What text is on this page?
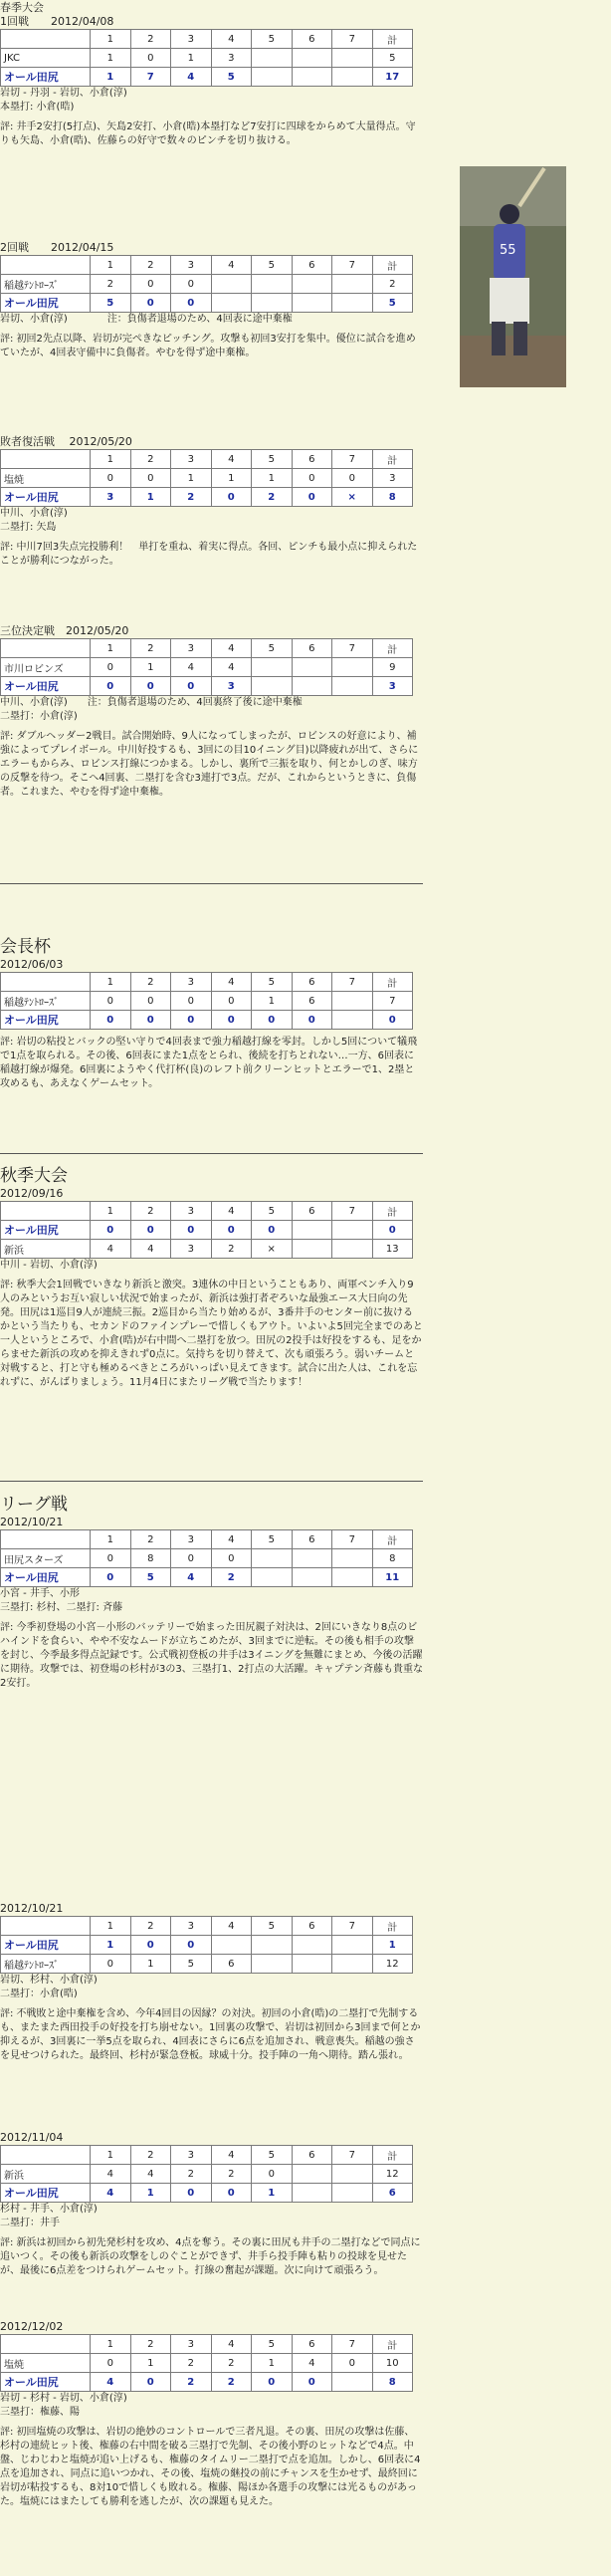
春季大会
1回戦　　2012/04/08
	1	2	3	4	5	6	7	計
JKC	1	0	1	3				5
オール田尻	1	7	4	5				17
岩切 - 丹羽 - 岩切、小倉(淳)
本塁打: 小倉(晧)
評: 井手2安打(5打点)、矢島2安打、小倉(晧)本塁打など7安打に四球をからめて大量得点。守りも矢島、小倉(晧)、佐藤らの好守で数々のピンチを切り抜ける。
2回戦　　2012/04/15
	1	2	3	4	5	6	7	計
稲越ﾃﾝﾄﾛｰｽﾞ	2	0	0					2
オール田尻	5	0	0					5
岩切、小倉(淳)　　　　注：負傷者退場のため、4回表に途中棄権
評: 初回2先点以降、岩切が完ぺきなピッチング。攻撃も初回3安打を集中。優位に試合を進めていたが、4回表守備中に負傷者。やむを得ず途中棄権。
敗者復活戦　 2012/05/20
	1	2	3	4	5	6	7	計
塩焼	0	0	1	1	1	0	0	3
オール田尻	3	1	2	0	2	0	×	8
中川、小倉(淳)
二塁打: 矢島
評: 中川7回3失点完投勝利！　単打を重ね、着実に得点。各回、ピンチも最小点に抑えられたことが勝利につながった。
三位決定戦　2012/05/20
	1	2	3	4	5	6	7	計
市川ロビンズ	0	1	4	4				9
オール田尻	0	0	0	3				3
中川、小倉(淳)　　注：負傷者退場のため、4回裏終了後に途中棄権
二塁打：小倉(淳)
評: ダブルヘッダー2戦目。試合開始時、9人になってしまったが、ロビンスの好意により、補強によってプレイボール。中川好投するも、3回にの目10イニング目)以降疲れが出て、さらにエラーもからみ、ロビンス打線につかまる。しかし、裏所で三振を取り、何とかしのぎ、味方の反撃を待つ。そこへ4回裏、二塁打を含む3連打で3点。だが、これからというときに、負傷者。これまた、やむを得ず途中棄権。
会長杯
2012/06/03
	1	2	3	4	5	6	7	計
稲越ﾃﾝﾄﾛｰｽﾞ	0	0	0	0	1	6		7
オール田尻	0	0	0	0	0	0		0
評: 岩切の粘投とバックの堅い守りで4回表まで強力稲越打線を零封。しかし5回について犠飛で1点を取られる。その後、6回表にまた1点をとられ、後続を打ちとれない…一方、6回表に稲越打線が爆発。6回裏にようやく代打杯(良)のレフト前クリーンヒットとエラーで1、2塁と攻めるも、あえなくゲームセット。
秋季大会
2012/09/16
	1	2	3	4	5	6	7	計
オール田尻	0	0	0	0	0			0
新浜	4	4	3	2	×			13
中川 - 岩切、小倉(淳)
評: 秋季大会1回戦でいきなり新浜と激突。3連休の中日ということもあり、両軍ベンチ入り9人のみというお互い寂しい状況で始まったが、新浜は強打者ぞろいな最強エース大日向の先発。田尻は1巡目9人が連続三振。2巡目から当たり始めるが、3番井手のセンター前に抜けるかという当たりも、セカンドのファインプレーで惜しくもアウト。いよいよ5回完全までのあと一人というところで、小倉(晧)が右中間へ二塁打を放つ。田尻の2投手は好投をするも、足をからませた新浜の攻めを抑えきれず0点に。気持ちを切り替えて、次も頑張ろう。弱いチームと対戦すると、打と守も極めるべきところがいっぱい見えてきます。試合に出た人は、これを忘れずに、がんばりましょう。11月4日にまたリーグ戦で当たります！
リーグ戦
2012/10/21
	1	2	3	4	5	6	7	計
田尻スターズ	0	8	0	0				8
オール田尻	0	5	4	2				11
小宮 - 井手、小形
三塁打: 杉村、二塁打: 斉藤
評: 今季初登場の小宮－小形のバッテリーで始まった田尻親子対決は、2回にいきなり8点のビハインドを食らい、やや不安なムードが立ちこめたが、3回までに逆転。その後も相手の攻撃を封じ、今季最多得点記録です。公式戦初登板の井手は3イニングを無難にまとめ、今後の活躍に期待。攻撃では、初登場の杉村が3の3、三塁打1、2打点の大活躍。キャプテン斉藤も貴重な2安打。
2012/10/21
	1	2	3	4	5	6	7	計
オール田尻	1	0	0					1
稲越ﾃﾝﾄﾛｰｽﾞ	0	1	5	6				12
岩切、杉村、小倉(淳)
二塁打：小倉(晧)
評: 不戦敗と途中棄権を含め、今年4回目の因縁？の対決。初回の小倉(晧)の二塁打で先制するも、またまた西田投手の好投を打ち崩せない。1回裏の攻撃で、岩切は初回から3回まで何とか抑えるが、3回裏に一挙5点を取られ、4回表にさらに6点を追加され、戦意喪失。稲越の強さを見せつけられた。最終回、杉村が緊急登板。球威十分。投手陣の一角へ期待。踏ん張れ。
2012/11/04
	1	2	3	4	5	6	7	計
新浜	4	4	2	2	0			12
オール田尻	4	1	0	0	1			6
杉村 - 井手、小倉(淳)
二塁打：井手
評: 新浜は初回から初先発杉村を攻め、4点を奪う。その裏に田尻も井手の二塁打などで同点に追いつく。その後も新浜の攻撃をしのぐことができず、井手ら投手陣も粘りの投球を見せたが、最後に6点差をつけられゲームセット。打線の奮起が課題。次に向けて頑張ろう。
2012/12/02
	1	2	3	4	5	6	7	計
塩焼	0	1	2	2	1	4	0	10
オール田尻	4	0	2	2	0	0		8
岩切 - 杉村 - 岩切、小倉(淳)
三塁打：権藤、陽
評: 初回塩焼の攻撃は、岩切の絶妙のコントロールで三者凡退。その裏、田尻の攻撃は佐藤、杉村の連続ヒット後、権藤の右中間を破る三塁打で先制、その後小野のヒットなどで4点。中盤、じわじわと塩焼が追い上げるも、権藤のタイムリー二塁打で点を追加。しかし、6回表に4点を追加され、同点に追いつかれ、その後、塩焼の継投の前にチャンスを生かせず、最終回に岩切が粘投するも、8対10で惜しくも敗れる。権藤、陽ほか各選手の攻撃には光るものがあった。塩焼にはまたしても勝利を逃したが、次の課題も見えた。
55
